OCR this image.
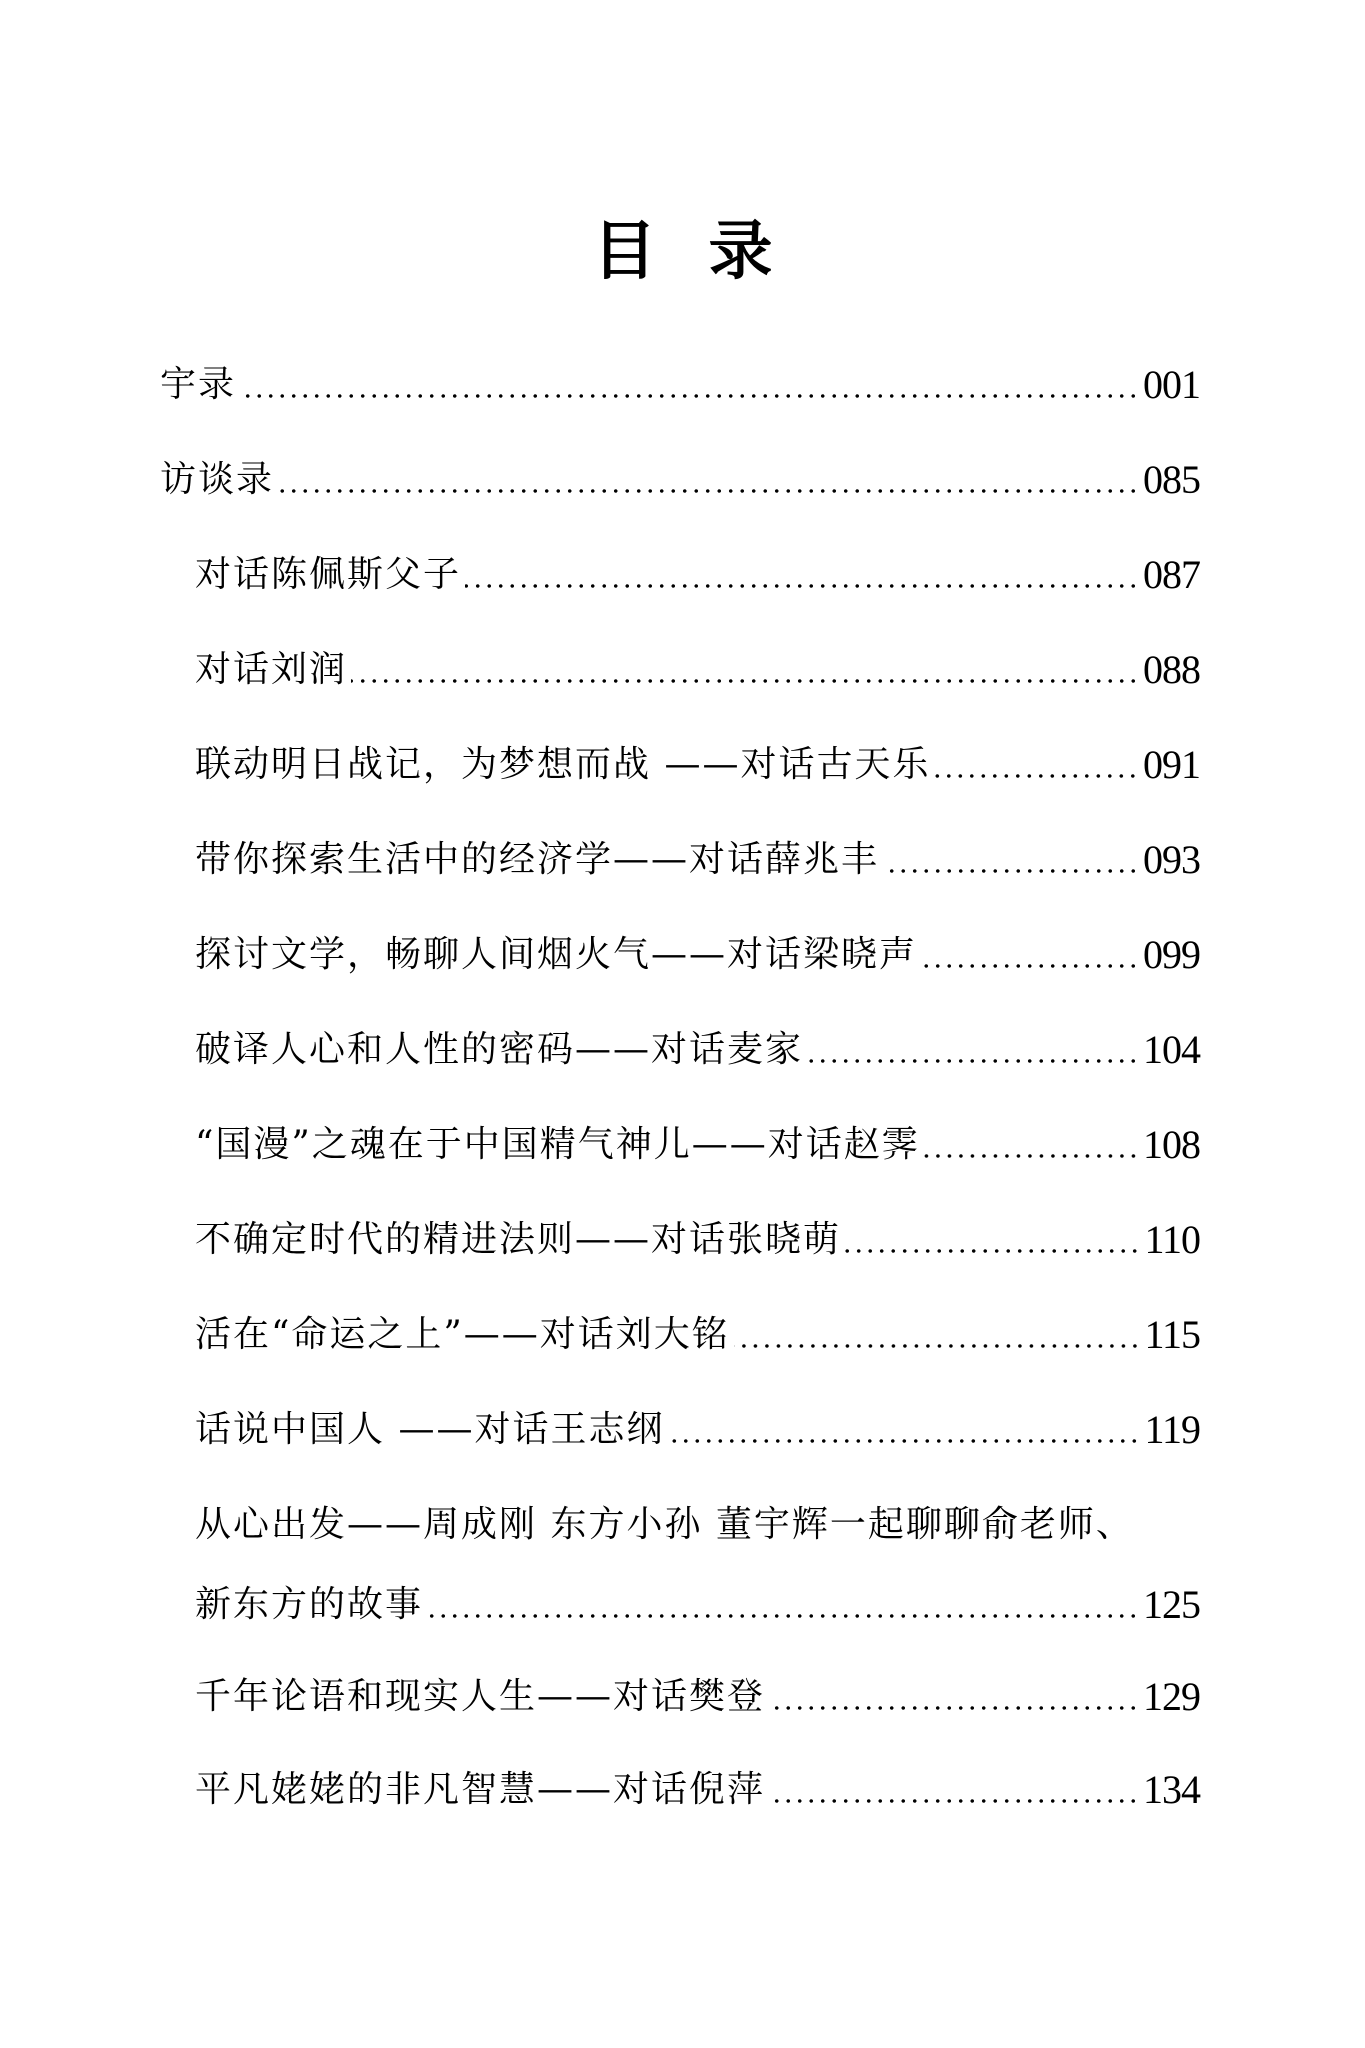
目 录
宇录	001
访谈录	085
对话陈佩斯父子	087
对话刘润	088
联动明日战记，为梦想而战 ——对话古天乐	091
带你探索生活中的经济学——对话薛兆丰	093
探讨文学，畅聊人间烟火气——对话梁晓声	099
破译人心和人性的密码——对话麦家	104
“国漫”之魂在于中国精气神儿——对话赵霁	108
不确定时代的精进法则——对话张晓萌	110
活在“命运之上”——对话刘大铭	115
话说中国人 ——对话王志纲	119
从心出发——周成刚 东方小孙 董宇辉一起聊聊俞老师、
新东方的故事	125
千年论语和现实人生——对话樊登	129
平凡姥姥的非凡智慧——对话倪萍	134
